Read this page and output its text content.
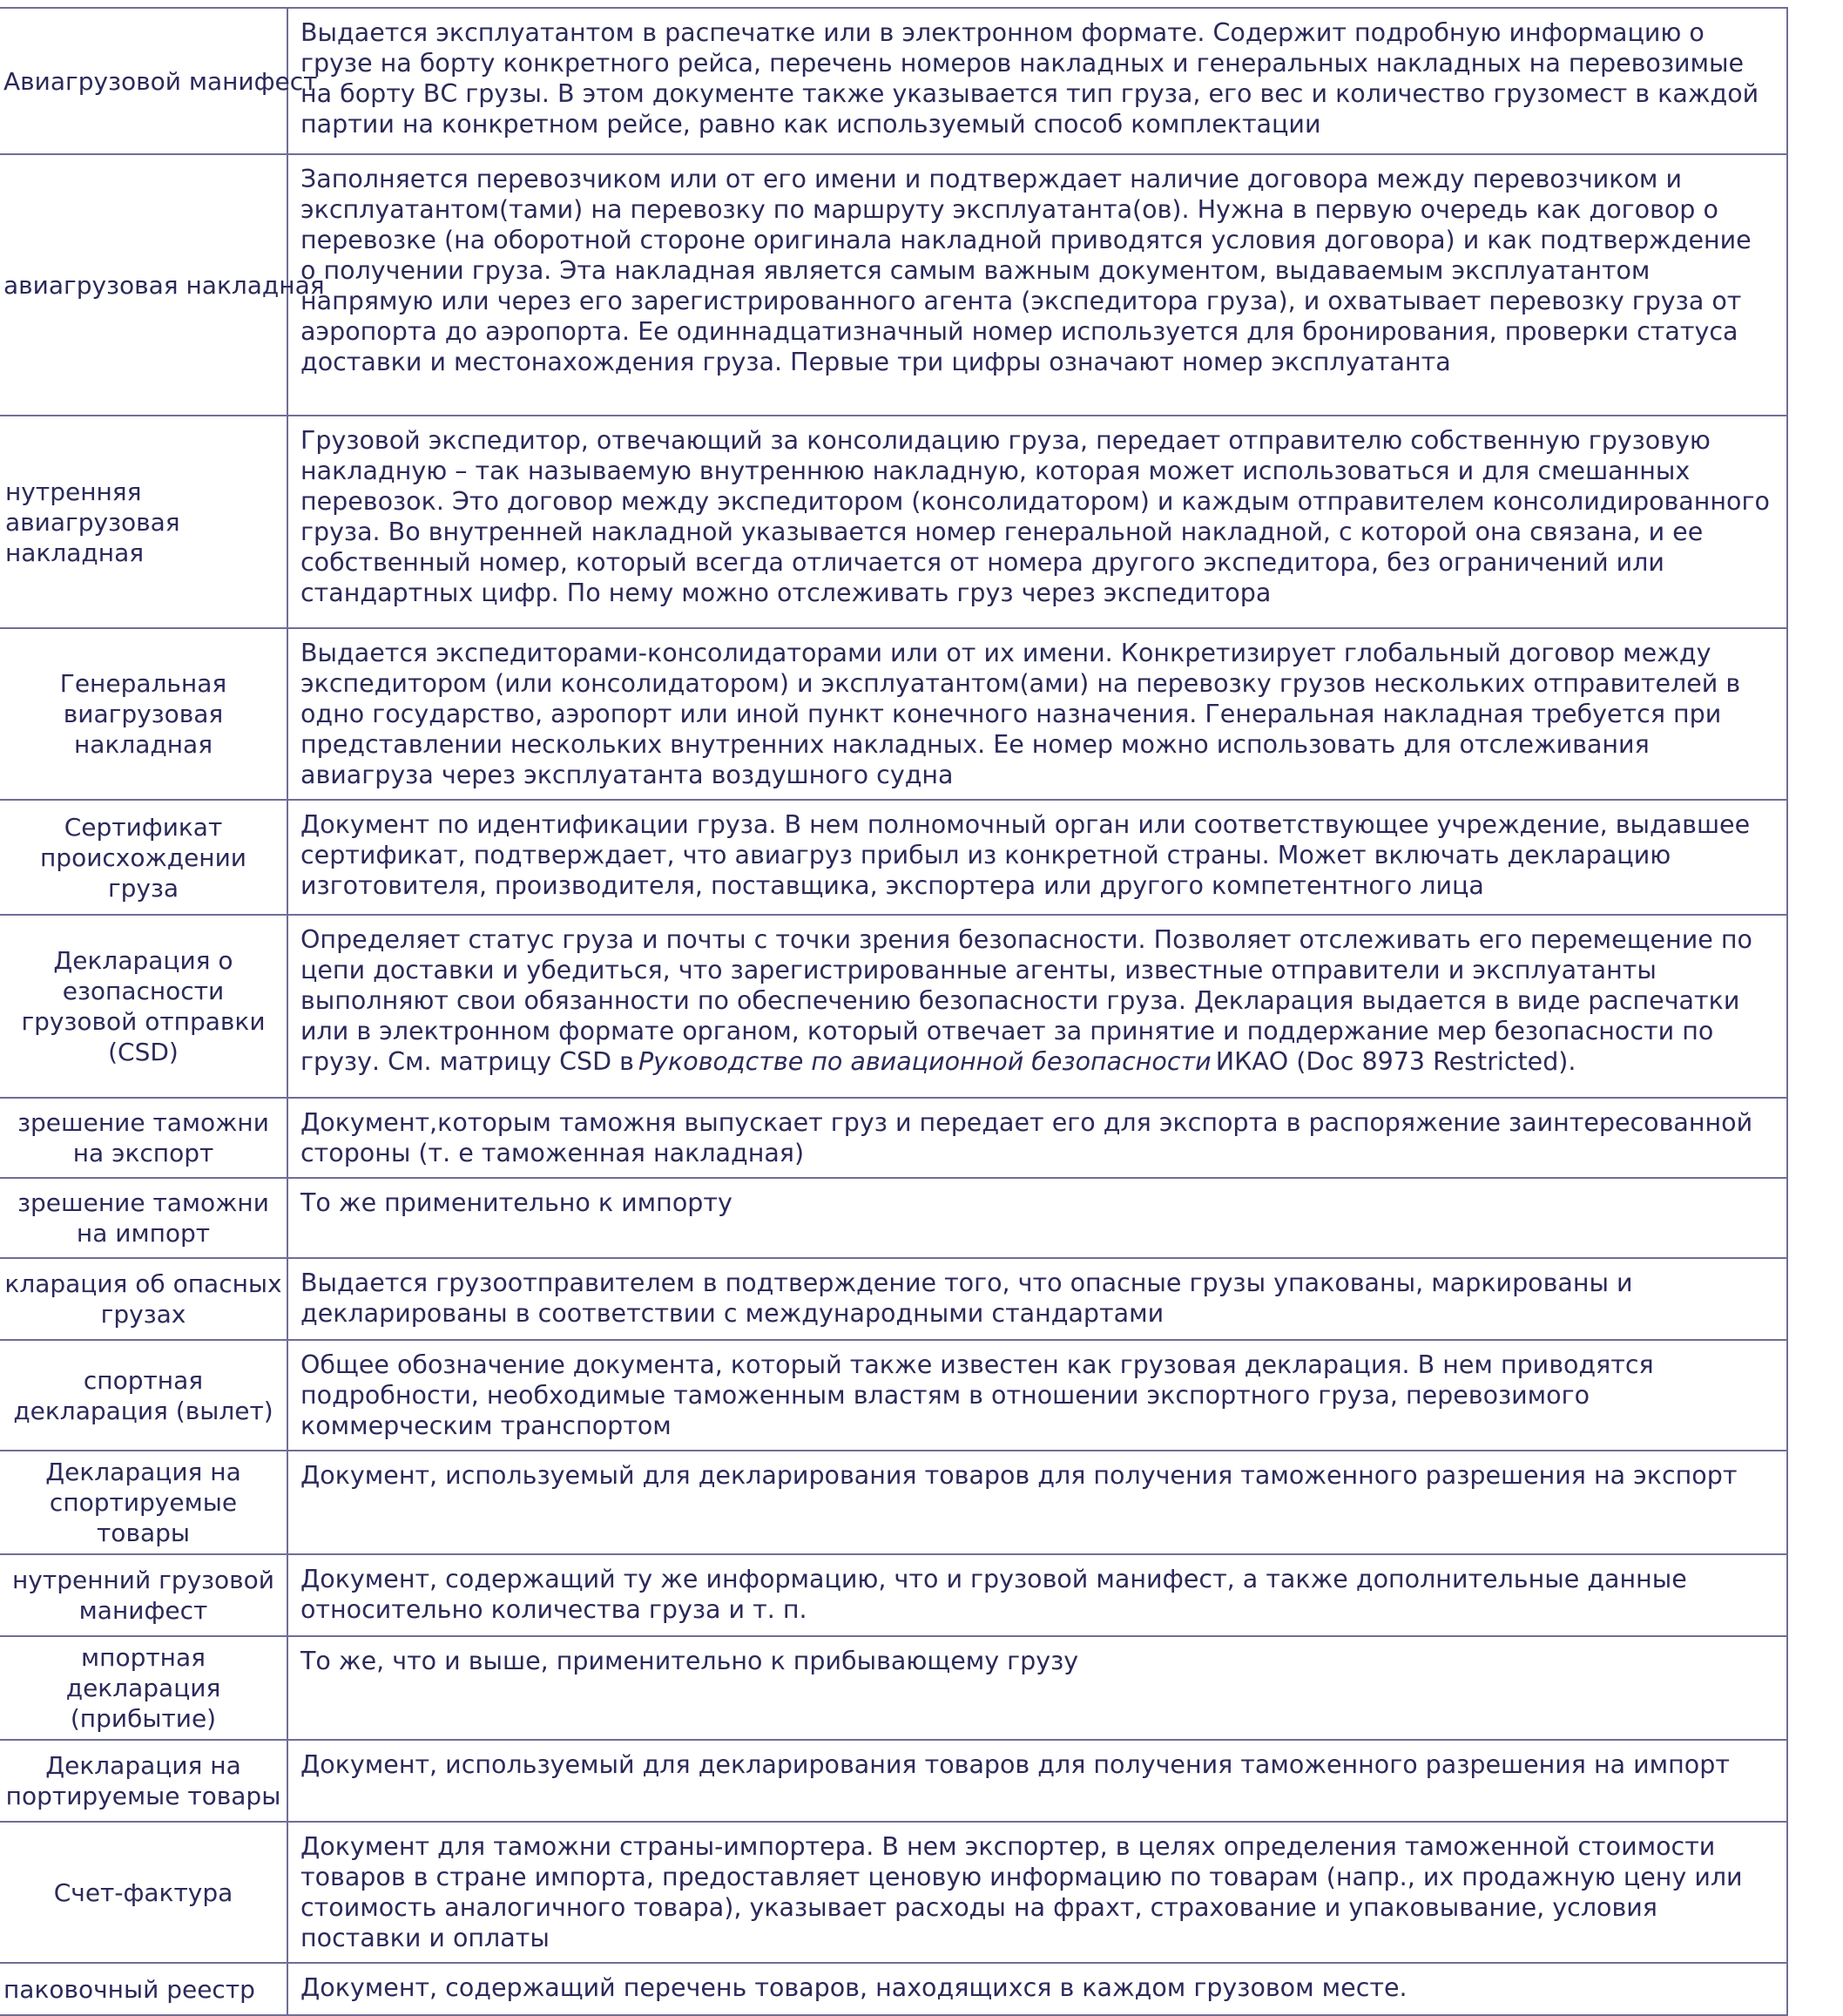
Авиагрузовой манифест	Выдается эксплуатантом в распечатке или в электронном формате. Содержит подробную информацию о грузе на борту конкретного рейса, перечень номеров накладных и генеральных накладных на перевозимые на борту ВС грузы. В этом документе также указывается тип груза, его вес и количество грузомест в каждой партии на конкретном рейсе, равно как используемый способ комплектации

авиагрузовая накладная	Заполняется перевозчиком или от его имени и подтверждает наличие договора между перевозчиком и эксплуатантом(тами) на перевозку по маршруту эксплуатанта(ов). Нужна в первую очередь как договор о перевозке (на оборотной стороне оригинала накладной приводятся условия договора) и как подтверждение о получении груза. Эта накладная является самым важным документом, выдаваемым эксплуатантом напрямую или через его зарегистрированного агента (экспедитора груза), и охватывает перевозку груза от аэропорта до аэропорта. Ее одиннадцатизначный номер используется для бронирования, проверки статуса доставки и местонахождения груза. Первые три цифры означают номер эксплуатанта

нутренняя авиагрузовая накладная	Грузовой экспедитор, отвечающий за консолидацию груза, передает отправителю собственную грузовую накладную – так называемую внутреннюю накладную, которая может использоваться и для смешанных перевозок. Это договор между экспедитором (консолидатором) и каждым отправителем консолидированного груза. Во внутренней накладной указывается номер генеральной накладной, с которой она связана, и ее собственный номер, который всегда отличается от номера другого экспедитора, без ограничений или стандартных цифр. По нему можно отслеживать груз через экспедитора

Генеральная виагрузовая накладная	Выдается экспедиторами-консолидаторами или от их имени. Конкретизирует глобальный договор между экспедитором (или консолидатором) и эксплуатантом(ами) на перевозку грузов нескольких отправителей в одно государство, аэропорт или иной пункт конечного назначения. Генеральная накладная требуется при представлении нескольких внутренних накладных. Ее номер можно использовать для отслеживания авиагруза через эксплуатанта воздушного судна

Сертификат происхождении груза	Документ по идентификации груза. В нем полномочный орган или соответствующее учреждение, выдавшее сертификат, подтверждает, что авиагруз прибыл из конкретной страны. Может включать декларацию изготовителя, производителя, поставщика, экспортера или другого компетентного лица

Декларация о езопасности грузовой отправки (CSD)	Определяет статус груза и почты с точки зрения безопасности. Позволяет отслеживать его перемещение по цепи доставки и убедиться, что зарегистрированные агенты, известные отправители и эксплуатанты выполняют свои обязанности по обеспечению безопасности груза. Декларация выдается в виде распечатки или в электронном формате органом, который отвечает за принятие и поддержание мер безопасности по грузу. См. матрицу CSD в Руководстве по авиационной безопасности ИКАО (Doc 8973 Restricted).

зрешение таможни на экспорт	Документ,которым таможня выпускает груз и передает его для экспорта в распоряжение заинтересованной стороны (т. е таможенная накладная)

зрешение таможни на импорт	То же применительно к импорту

кларация об опасных грузах	Выдается грузоотправителем в подтверждение того, что опасные грузы упакованы, маркированы и декларированы в соответствии с международными стандартами

спортная декларация (вылет)	Общее обозначение документа, который также известен как грузовая декларация. В нем приводятся подробности, необходимые таможенным властям в отношении экспортного груза, перевозимого коммерческим транспортом

Декларация на спортируемые товары	Документ, используемый для декларирования товаров для получения таможенного разрешения на экспорт

нутренний грузовой манифест	Документ, содержащий ту же информацию, что и грузовой манифест, а также дополнительные данные относительно количества груза и т. п.

мпортная декларация (прибытие)	То же, что и выше, применительно к прибывающему грузу

Декларация на портируемые товары	Документ, используемый для декларирования товаров для получения таможенного разрешения на импорт

Счет-фактура	Документ для таможни страны-импортера. В нем экспортер, в целях определения таможенной стоимости товаров в стране импорта, предоставляет ценовую информацию по товарам (напр., их продажную цену или стоимость аналогичного товара), указывает расходы на фрахт, страхование и упаковывание, условия поставки и оплаты

паковочный реестр	Документ, содержащий перечень товаров, находящихся в каждом грузовом месте.
